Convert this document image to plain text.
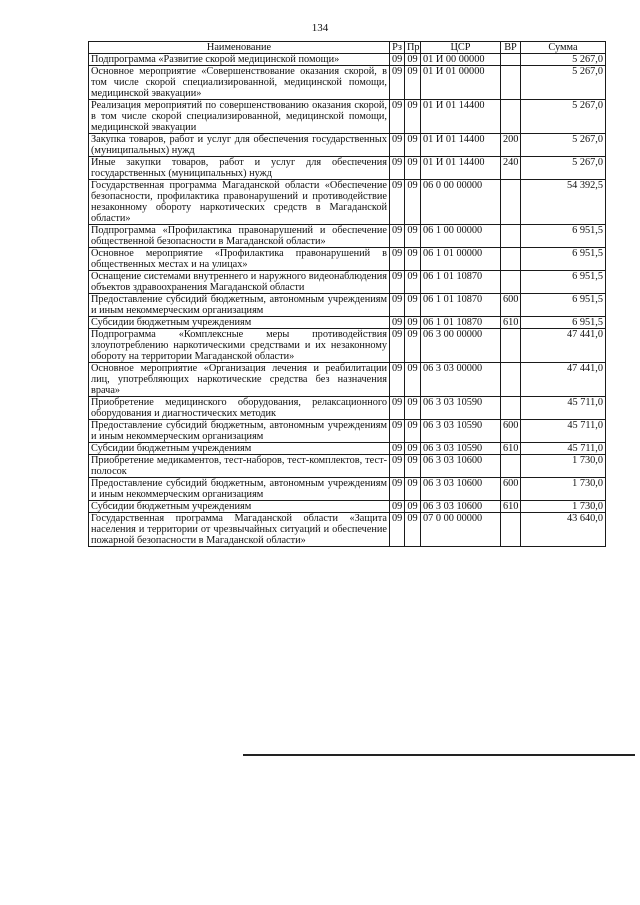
134
Наименование	Рз	Пр	ЦСР	ВР	Сумма
Подпрограмма «Развитие скорой медицинской помощи»	09	09	01 И 00 00000		5 267,0
Основное мероприятие «Совершенствование оказания скорой, в том числе скорой специализированной, медицинской помощи, медицинской эвакуации»	09	09	01 И 01 00000		5 267,0
Реализация мероприятий по совершенствованию оказания скорой, в том числе скорой специализированной, медицинской помощи, медицинской эвакуации	09	09	01 И 01 14400		5 267,0
Закупка товаров, работ и услуг для обеспечения государственных (муниципальных) нужд	09	09	01 И 01 14400	200	5 267,0
Иные закупки товаров, работ и услуг для обеспечения государственных (муниципальных) нужд	09	09	01 И 01 14400	240	5 267,0
Государственная программа Магаданской области «Обеспечение безопасности, профилактика правонарушений и противодействие незаконному обороту наркотических средств в Магаданской области»	09	09	06 0 00 00000		54 392,5
Подпрограмма «Профилактика правонарушений и обеспечение общественной безопасности в Магаданской области»	09	09	06 1 00 00000		6 951,5
Основное мероприятие «Профилактика правонарушений в общественных местах и на улицах»	09	09	06 1 01 00000		6 951,5
Оснащение системами внутреннего и наружного видеонаблюдения объектов здравоохранения Магаданской области	09	09	06 1 01 10870		6 951,5
Предоставление субсидий бюджетным, автономным учреждениям и иным некоммерческим организациям	09	09	06 1 01 10870	600	6 951,5
Субсидии бюджетным учреждениям	09	09	06 1 01 10870	610	6 951,5
Подпрограмма «Комплексные меры противодействия злоупотреблению наркотическими средствами и их незаконному обороту на территории Магаданской области»	09	09	06 3 00 00000		47 441,0
Основное мероприятие «Организация лечения и реабилитации лиц, употребляющих наркотические средства без назначения врача»	09	09	06 3 03 00000		47 441,0
Приобретение медицинского оборудования, релаксационного оборудования и диагностических методик	09	09	06 3 03 10590		45 711,0
Предоставление субсидий бюджетным, автономным учреждениям и иным некоммерческим организациям	09	09	06 3 03 10590	600	45 711,0
Субсидии бюджетным учреждениям	09	09	06 3 03 10590	610	45 711,0
Приобретение медикаментов, тест-наборов, тест-комплектов, тест-полосок	09	09	06 3 03 10600		1 730,0
Предоставление субсидий бюджетным, автономным учреждениям и иным некоммерческим организациям	09	09	06 3 03 10600	600	1 730,0
Субсидии бюджетным учреждениям	09	09	06 3 03 10600	610	1 730,0
Государственная программа Магаданской области «Защита населения и территории от чрезвычайных ситуаций и обеспечение пожарной безопасности в Магаданской области»	09	09	07 0 00 00000		43 640,0
